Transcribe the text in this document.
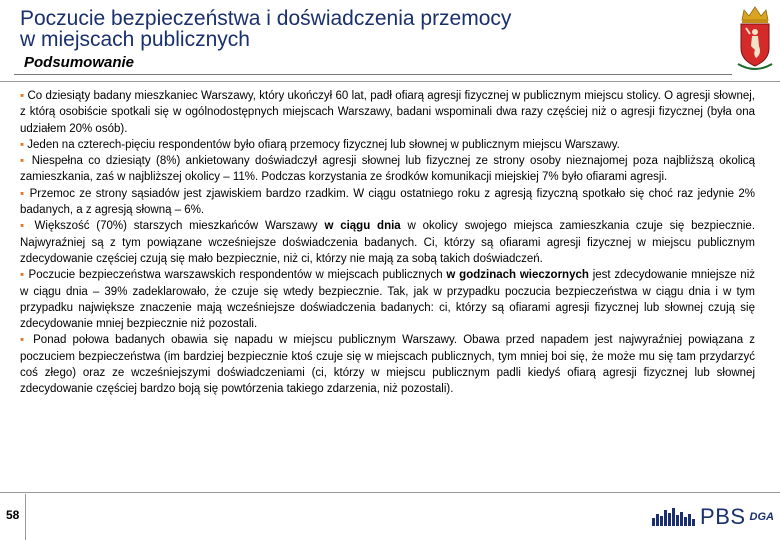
Poczucie bezpieczeństwa i doświadczenia przemocy
w miejscach publicznych

Podsumowanie

▪ Co dziesiąty badany mieszkaniec Warszawy, który ukończył 60 lat, padł ofiarą agresji fizycznej w publicznym miejscu stolicy. O agresji słownej, z którą osobiście spotkali się w ogólnodostępnych miejscach Warszawy, badani wspominali dwa razy częściej niż o agresji fizycznej (była ona udziałem 20% osób).

▪ Jeden na czterech-pięciu respondentów było ofiarą przemocy fizycznej lub słownej w publicznym miejscu Warszawy.

▪ Niespełna co dziesiąty (8%) ankietowany doświadczył agresji słownej lub fizycznej ze strony osoby nieznajomej poza najbliższą okolicą zamieszkania, zaś w najbliższej okolicy – 11%. Podczas korzystania ze środków komunikacji miejskiej 7% było ofiarami agresji.

▪ Przemoc ze strony sąsiadów jest zjawiskiem bardzo rzadkim. W ciągu ostatniego roku z agresją fizyczną spotkało się choć raz jedynie 2% badanych, a z agresją słowną – 6%.

▪ Większość (70%) starszych mieszkańców Warszawy w ciągu dnia w okolicy swojego miejsca zamieszkania czuje się bezpiecznie. Najwyraźniej są z tym powiązane wcześniejsze doświadczenia badanych. Ci, którzy są ofiarami agresji fizycznej w miejscu publicznym zdecydowanie częściej czują się mało bezpiecznie, niż ci, którzy nie mają za sobą takich doświadczeń.

▪ Poczucie bezpieczeństwa warszawskich respondentów w miejscach publicznych w godzinach wieczornych jest zdecydowanie mniejsze niż w ciągu dnia – 39% zadeklarowało, że czuje się wtedy bezpiecznie. Tak, jak w przypadku poczucia bezpieczeństwa w ciągu dnia i w tym przypadku największe znaczenie mają wcześniejsze doświadczenia badanych: ci, którzy są ofiarami agresji fizycznej lub słownej czują się zdecydowanie mniej bezpiecznie niż pozostali.

▪ Ponad połowa badanych obawia się napadu w miejscu publicznym Warszawy. Obawa przed napadem jest najwyraźniej powiązana z poczuciem bezpieczeństwa (im bardziej bezpiecznie ktoś czuje się w miejscach publicznych, tym mniej boi się, że może mu się tam przydarzyć coś złego) oraz ze wcześniejszymi doświadczeniami (ci, którzy w miejscu publicznym padli kiedyś ofiarą agresji fizycznej lub słownej zdecydowanie częściej bardzo boją się powtórzenia takiego zdarzenia, niż pozostali).

58	PBS DGA
